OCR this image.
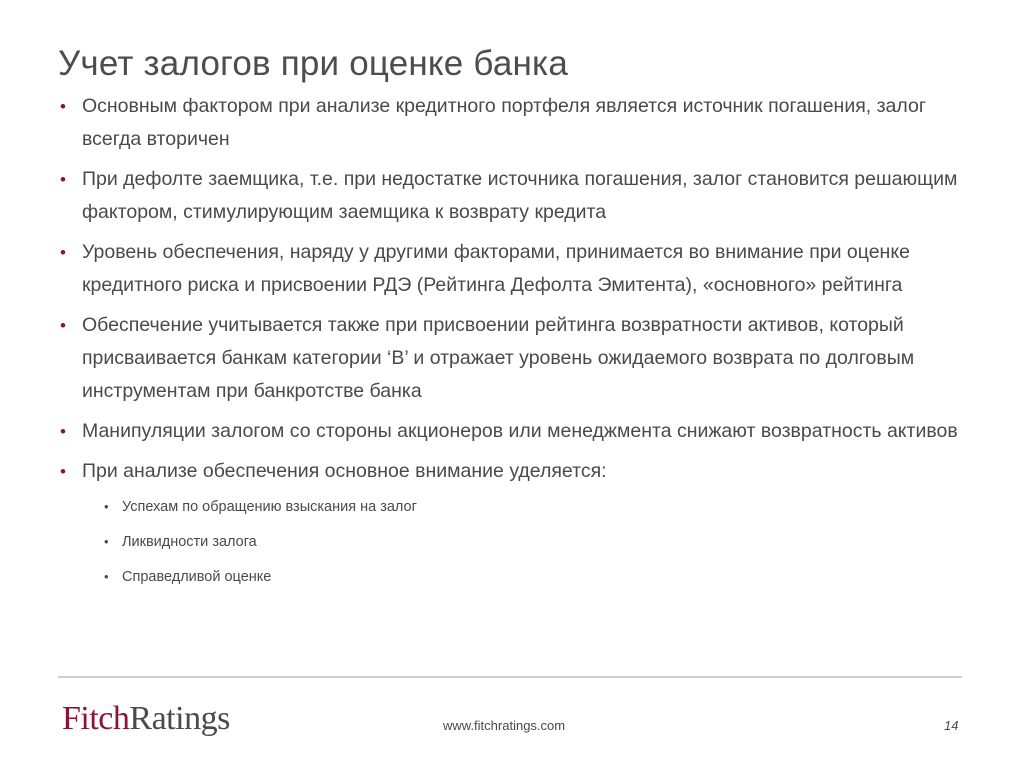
Учет залогов при оценке банка
• Основным фактором при анализе кредитного портфеля является источник погашения, залог всегда вторичен
• При дефолте заемщика, т.е. при недостатке источника погашения, залог становится решающим фактором, стимулирующим заемщика к возврату кредита
• Уровень обеспечения, наряду у другими факторами, принимается во внимание при оценке кредитного риска и присвоении РДЭ (Рейтинга Дефолта Эмитента), «основного» рейтинга
• Обеспечение учитывается также при присвоении рейтинга возвратности активов, который присваивается банкам категории ‘B’ и отражает уровень ожидаемого возврата по долговым инструментам при банкротстве банка
• Манипуляции залогом со стороны акционеров или менеджмента снижают возвратность активов
• При анализе обеспечения основное внимание уделяется:
• Успехам по обращению взыскания на залог
• Ликвидности залога
• Справедливой оценке
FitchRatings	www.fitchratings.com	14
